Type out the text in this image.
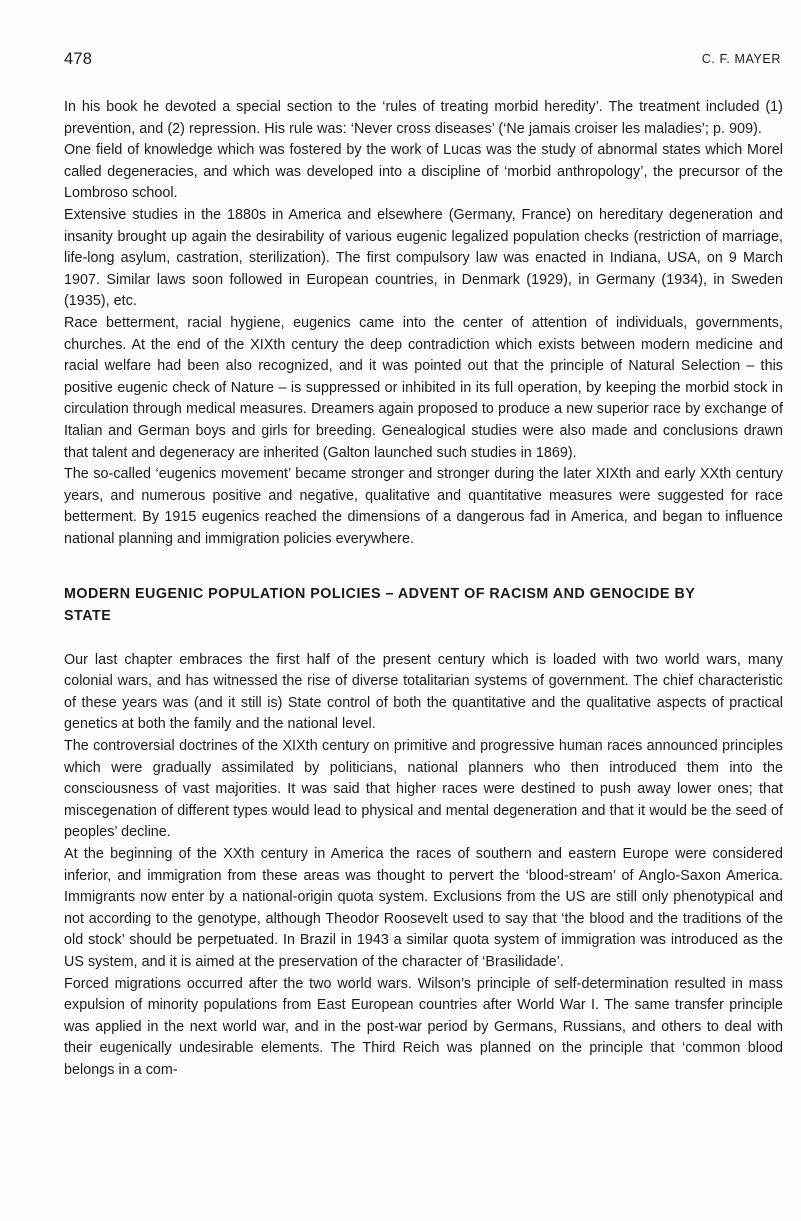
478	C. F. MAYER

In his book he devoted a special section to the ‘rules of treating morbid heredity’. The treatment included (1) prevention, and (2) repression. His rule was: ‘Never cross diseases’ (‘Ne jamais croiser les maladies’; p. 909).

One field of knowledge which was fostered by the work of Lucas was the study of abnormal states which Morel called degeneracies, and which was developed into a discipline of ‘morbid anthropology’, the precursor of the Lombroso school.

Extensive studies in the 1880s in America and elsewhere (Germany, France) on hereditary degeneration and insanity brought up again the desirability of various eugenic legalized population checks (restriction of marriage, life-long asylum, castration, sterilization). The first compulsory law was enacted in Indiana, USA, on 9 March 1907. Similar laws soon followed in European countries, in Denmark (1929), in Germany (1934), in Sweden (1935), etc.

Race betterment, racial hygiene, eugenics came into the center of attention of individuals, governments, churches. At the end of the XIXth century the deep contradiction which exists between modern medicine and racial welfare had been also recognized, and it was pointed out that the principle of Natural Selection – this positive eugenic check of Nature – is suppressed or inhibited in its full operation, by keeping the morbid stock in circulation through medical measures. Dreamers again proposed to produce a new superior race by exchange of Italian and German boys and girls for breeding. Genealogical studies were also made and conclusions drawn that talent and degeneracy are inherited (Galton launched such studies in 1869).

The so-called ‘eugenics movement’ became stronger and stronger during the later XIXth and early XXth century years, and numerous positive and negative, qualitative and quantitative measures were suggested for race betterment. By 1915 eugenics reached the dimensions of a dangerous fad in America, and began to influence national planning and immigration policies everywhere.

MODERN EUGENIC POPULATION POLICIES – ADVENT OF RACISM AND GENOCIDE BY STATE

Our last chapter embraces the first half of the present century which is loaded with two world wars, many colonial wars, and has witnessed the rise of diverse totalitarian systems of government. The chief characteristic of these years was (and it still is) State control of both the quantitative and the qualitative aspects of practical genetics at both the family and the national level.

The controversial doctrines of the XIXth century on primitive and progressive human races announced principles which were gradually assimilated by politicians, national planners who then introduced them into the consciousness of vast majorities. It was said that higher races were destined to push away lower ones; that miscegenation of different types would lead to physical and mental degeneration and that it would be the seed of peoples’ decline.

At the beginning of the XXth century in America the races of southern and eastern Europe were considered inferior, and immigration from these areas was thought to pervert the ‘blood-stream’ of Anglo-Saxon America. Immigrants now enter by a national-origin quota system. Exclusions from the US are still only phenotypical and not according to the genotype, although Theodor Roosevelt used to say that ‘the blood and the traditions of the old stock’ should be perpetuated. In Brazil in 1943 a similar quota system of immigration was introduced as the US system, and it is aimed at the preservation of the character of ‘Brasilidade’.

Forced migrations occurred after the two world wars. Wilson’s principle of self-determination resulted in mass expulsion of minority populations from East European countries after World War I. The same transfer principle was applied in the next world war, and in the post-war period by Germans, Russians, and others to deal with their eugenically undesirable elements. The Third Reich was planned on the principle that ‘common blood belongs in a com-
